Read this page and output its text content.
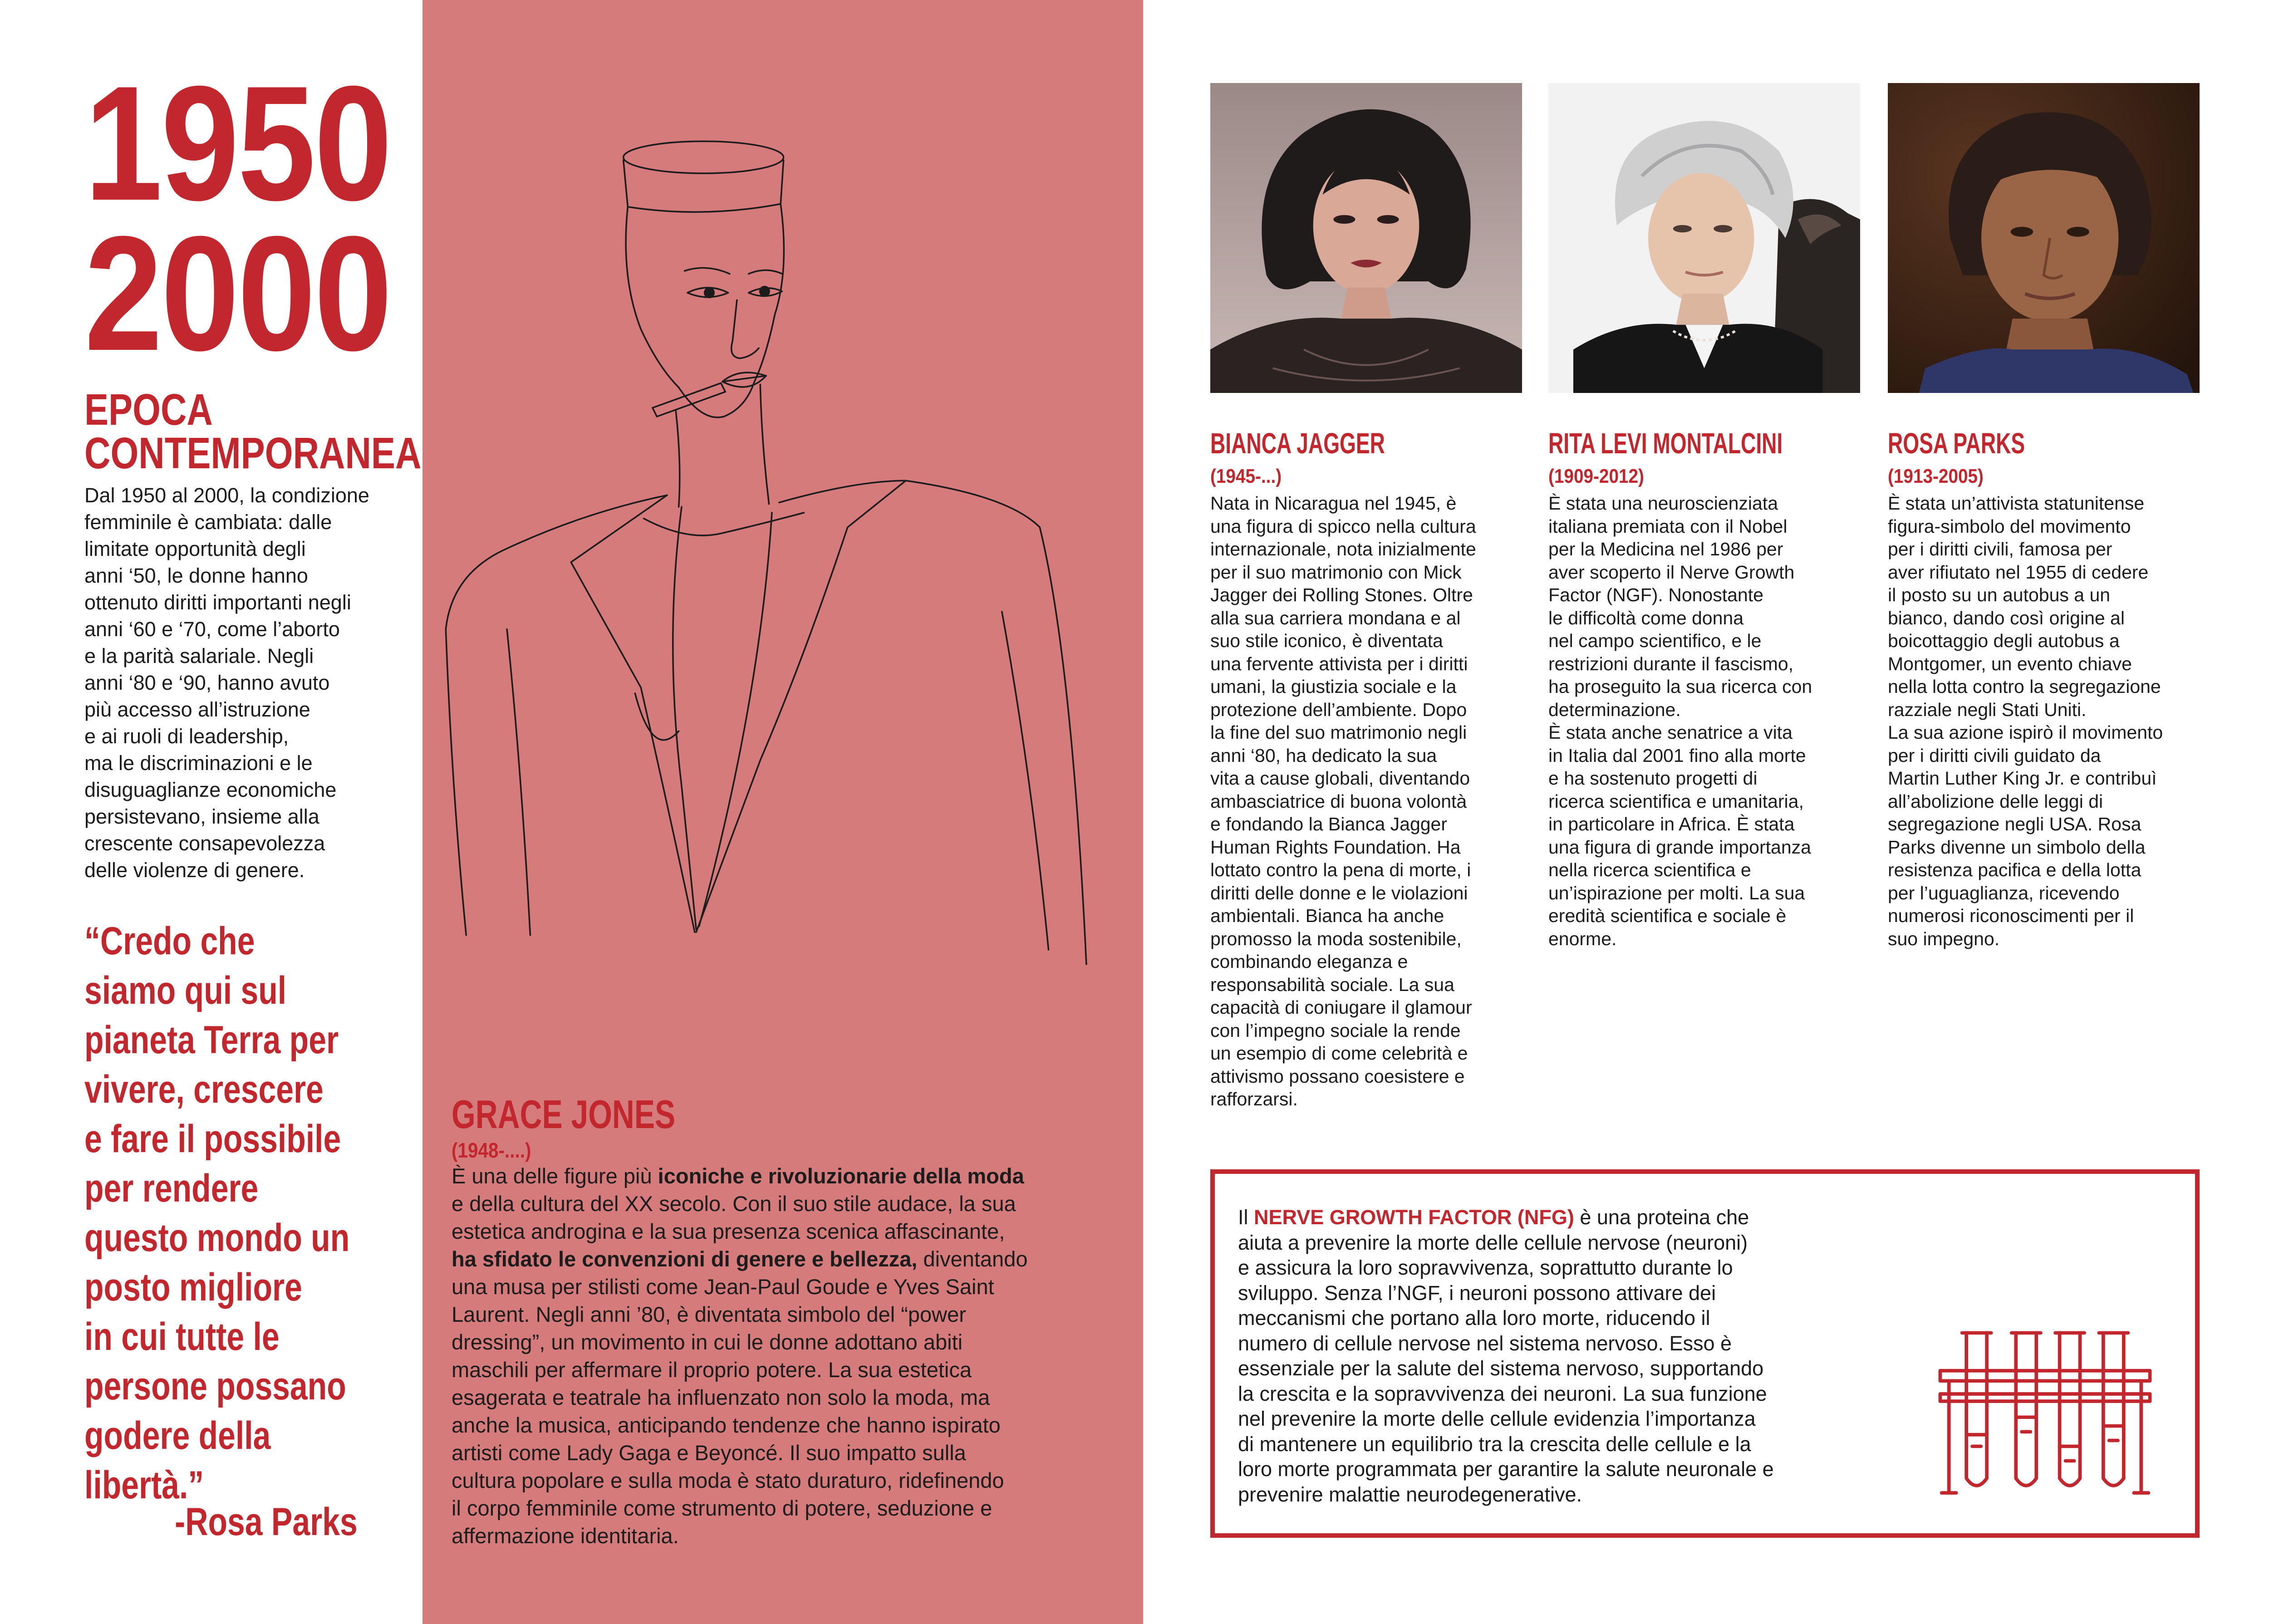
1950
2000
EPOCA
CONTEMPORANEA
Dal 1950 al 2000, la condizione
femminile è cambiata: dalle
limitate opportunità degli
anni ‘50, le donne hanno
ottenuto diritti importanti negli
anni ‘60 e ‘70, come l’aborto
e la parità salariale. Negli
anni ‘80 e ‘90, hanno avuto
più accesso all’istruzione
e ai ruoli di leadership,
ma le discriminazioni e le
disuguaglianze economiche
persistevano, insieme alla
crescente consapevolezza
delle violenze di genere.
“Credo che
siamo qui sul
pianeta Terra per
vivere, crescere
e fare il possibile
per rendere
questo mondo un
posto migliore
in cui tutte le
persone possano
godere della
libertà.”
-Rosa Parks
GRACE JONES
(1948-....)
È una delle figure più iconiche e rivoluzionarie della moda
e della cultura del XX secolo. Con il suo stile audace, la sua
estetica androgina e la sua presenza scenica affascinante,
ha sfidato le convenzioni di genere e bellezza, diventando
una musa per stilisti come Jean-Paul Goude e Yves Saint
Laurent. Negli anni ’80, è diventata simbolo del “power
dressing”, un movimento in cui le donne adottano abiti
maschili per affermare il proprio potere. La sua estetica
esagerata e teatrale ha influenzato non solo la moda, ma
anche la musica, anticipando tendenze che hanno ispirato
artisti come Lady Gaga e Beyoncé. Il suo impatto sulla
cultura popolare e sulla moda è stato duraturo, ridefinendo
il corpo femminile come strumento di potere, seduzione e
affermazione identitaria.
BIANCA JAGGER
(1945-...)
Nata in Nicaragua nel 1945, è
una figura di spicco nella cultura
internazionale, nota inizialmente
per il suo matrimonio con Mick
Jagger dei Rolling Stones. Oltre
alla sua carriera mondana e al
suo stile iconico, è diventata
una fervente attivista per i diritti
umani, la giustizia sociale e la
protezione dell’ambiente. Dopo
la fine del suo matrimonio negli
anni ‘80, ha dedicato la sua
vita a cause globali, diventando
ambasciatrice di buona volontà
e fondando la Bianca Jagger
Human Rights Foundation. Ha
lottato contro la pena di morte, i
diritti delle donne e le violazioni
ambientali. Bianca ha anche
promosso la moda sostenibile,
combinando eleganza e
responsabilità sociale. La sua
capacità di coniugare il glamour
con l’impegno sociale la rende
un esempio di come celebrità e
attivismo possano coesistere e
rafforzarsi.
RITA LEVI MONTALCINI
(1909-2012)
È stata una neuroscienziata
italiana premiata con il Nobel
per la Medicina nel 1986 per
aver scoperto il Nerve Growth
Factor (NGF). Nonostante
le difficoltà come donna
nel campo scientifico, e le
restrizioni durante il fascismo,
ha proseguito la sua ricerca con
determinazione.
È stata anche senatrice a vita
in Italia dal 2001 fino alla morte
e ha sostenuto progetti di
ricerca scientifica e umanitaria,
in particolare in Africa. È stata
una figura di grande importanza
nella ricerca scientifica e
un’ispirazione per molti. La sua
eredità scientifica e sociale è
enorme.
ROSA PARKS
(1913-2005)
È stata un’attivista statunitense
figura-simbolo del movimento
per i diritti civili, famosa per
aver rifiutato nel 1955 di cedere
il posto su un autobus a un
bianco, dando così origine al
boicottaggio degli autobus a
Montgomer, un evento chiave
nella lotta contro la segregazione
razziale negli Stati Uniti.
La sua azione ispirò il movimento
per i diritti civili guidato da
Martin Luther King Jr. e contribuì
all’abolizione delle leggi di
segregazione negli USA. Rosa
Parks divenne un simbolo della
resistenza pacifica e della lotta
per l’uguaglianza, ricevendo
numerosi riconoscimenti per il
suo impegno.
Il NERVE GROWTH FACTOR (NFG) è una proteina che
aiuta a prevenire la morte delle cellule nervose (neuroni)
e assicura la loro sopravvivenza, soprattutto durante lo
sviluppo. Senza l’NGF, i neuroni possono attivare dei
meccanismi che portano alla loro morte, riducendo il
numero di cellule nervose nel sistema nervoso. Esso è
essenziale per la salute del sistema nervoso, supportando
la crescita e la sopravvivenza dei neuroni. La sua funzione
nel prevenire la morte delle cellule evidenzia l’importanza
di mantenere un equilibrio tra la crescita delle cellule e la
loro morte programmata per garantire la salute neuronale e
prevenire malattie neurodegenerative.
